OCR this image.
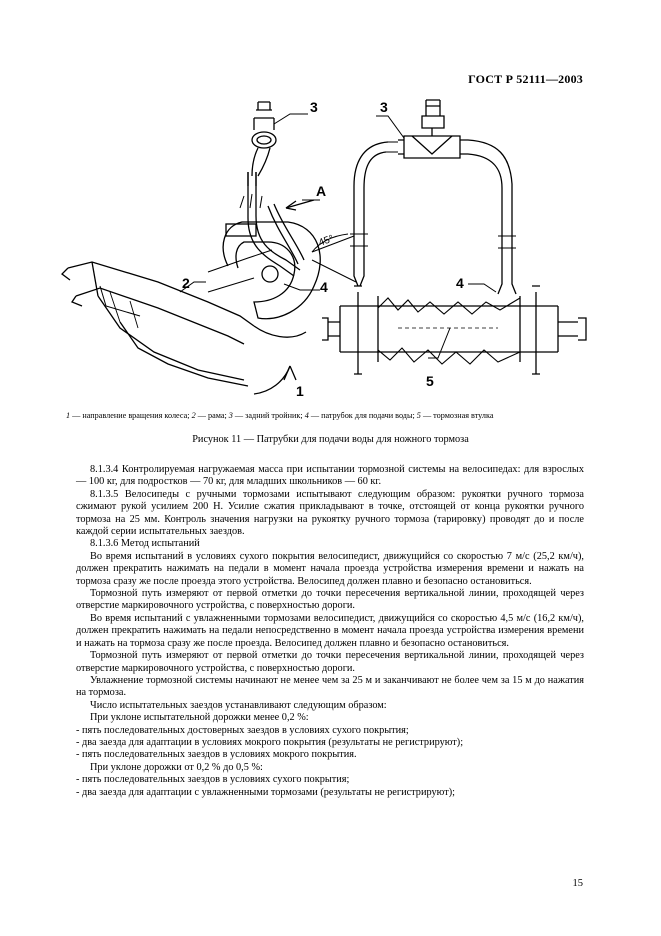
ГОСТ Р 52111—2003
3	3
A
2	4	4
5
1
45°
1 — направление вращения колеса; 2 — рама; 3 — задний тройник; 4 — патрубок для подачи воды; 5 — тормозная втулка
Рисунок 11 — Патрубки для подачи воды для ножного тормоза

8.1.3.4 Контролируемая нагружаемая масса при испытании тормозной системы на велосипедах: для взрослых — 100 кг, для подростков — 70 кг, для младших школьников — 60 кг.

8.1.3.5 Велосипеды с ручными тормозами испытывают следующим образом: рукоятки ручного тормоза сжимают рукой усилием 200 Н. Усилие сжатия прикладывают в точке, отстоящей от конца рукоятки ручного тормоза на 25 мм. Контроль значения нагрузки на рукоятку ручного тормоза (тарировку) проводят до и после каждой серии испытательных заездов.

8.1.3.6 Метод испытаний

Во время испытаний в условиях сухого покрытия велосипедист, движущийся со скоростью 7 м/с (25,2 км/ч), должен прекратить нажимать на педали в момент начала проезда устройства измерения времени и нажать на тормоза сразу же после проезда этого устройства. Велосипед должен плавно и безопасно остановиться.

Тормозной путь измеряют от первой отметки до точки пересечения вертикальной линии, проходящей через отверстие маркировочного устройства, с поверхностью дороги.

Во время испытаний с увлажненными тормозами велосипедист, движущийся со скоростью 4,5 м/с (16,2 км/ч), должен прекратить нажимать на педали непосредственно в момент начала проезда устройства измерения времени и нажать на тормоза сразу же после проезда. Велосипед должен плавно и безопасно остановиться.

Тормозной путь измеряют от первой отметки до точки пересечения вертикальной линии, проходящей через отверстие маркировочного устройства, с поверхностью дороги.

Увлажнение тормозной системы начинают не менее чем за 25 м и заканчивают не более чем за 15 м до нажатия на тормоза.

Число испытательных заездов устанавливают следующим образом:

При уклоне испытательной дорожки менее 0,2 %:

- пять последовательных достоверных заездов в условиях сухого покрытия;

- два заезда для адаптации в условиях мокрого покрытия (результаты не регистрируют);

- пять последовательных заездов в условиях мокрого покрытия.

При уклоне дорожки от 0,2 % до 0,5 %:

- пять последовательных заездов в условиях сухого покрытия;

- два заезда для адаптации с увлажненными тормозами (результаты не регистрируют);

15
